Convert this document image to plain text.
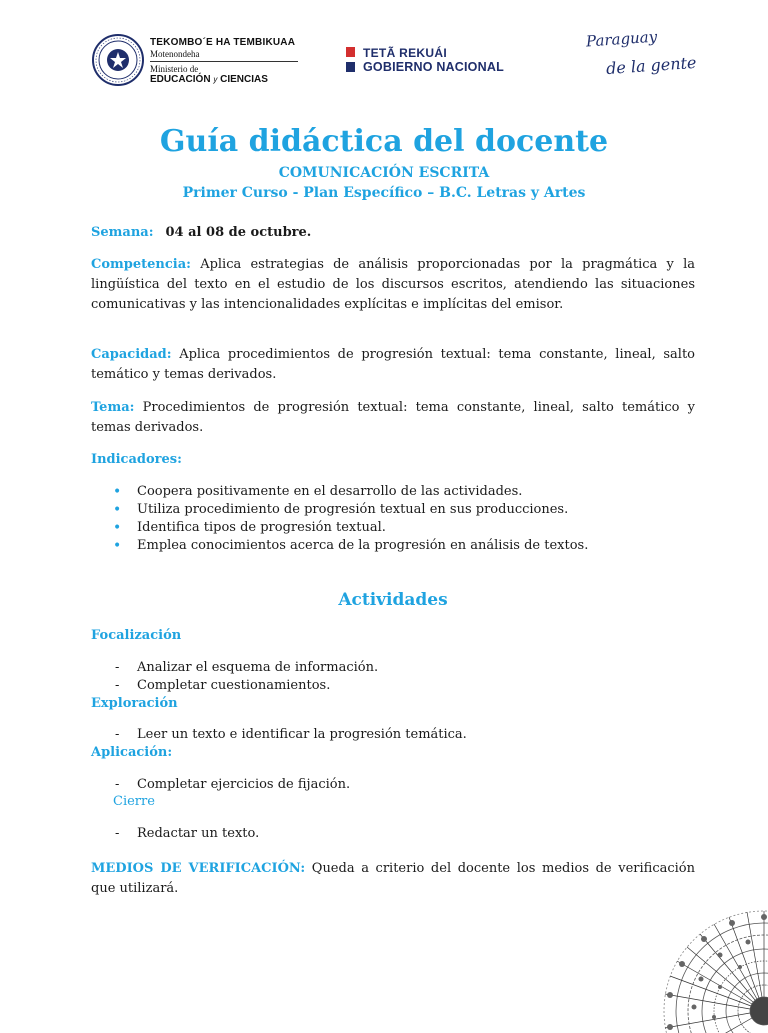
TEKOMBO´E HA TEMBIKUAA
Motenondeha
Ministerio de
EDUCACIÓN y CIENCIAS
TETÃ REKUÁI
GOBIERNO NACIONAL
Paraguay
de la gente
Guía didáctica del docente
COMUNICACIÓN ESCRITA
Primer Curso - Plan Específico – B.C. Letras y Artes
Semana: 04 al 08 de octubre.
Competencia: Aplica estrategias de análisis proporcionadas por la pragmática y la lingüística del texto en el estudio de los discursos escritos, atendiendo las situaciones comunicativas y las intencionalidades explícitas e implícitas del emisor.
Capacidad: Aplica procedimientos de progresión textual: tema constante, lineal, salto temático y temas derivados.
Tema: Procedimientos de progresión textual: tema constante, lineal, salto temático y temas derivados.
Indicadores:
• Coopera positivamente en el desarrollo de las actividades.
• Utiliza procedimiento de progresión textual en sus producciones.
• Identifica tipos de progresión textual.
• Emplea conocimientos acerca de la progresión en análisis de textos.
Actividades
Focalización
- Analizar el esquema de información.
- Completar cuestionamientos.
Exploración
- Leer un texto e identificar la progresión temática.
Aplicación:
- Completar ejercicios de fijación.
Cierre
- Redactar un texto.
MEDIOS DE VERIFICACIÓN: Queda a criterio del docente los medios de verificación que utilizará.
